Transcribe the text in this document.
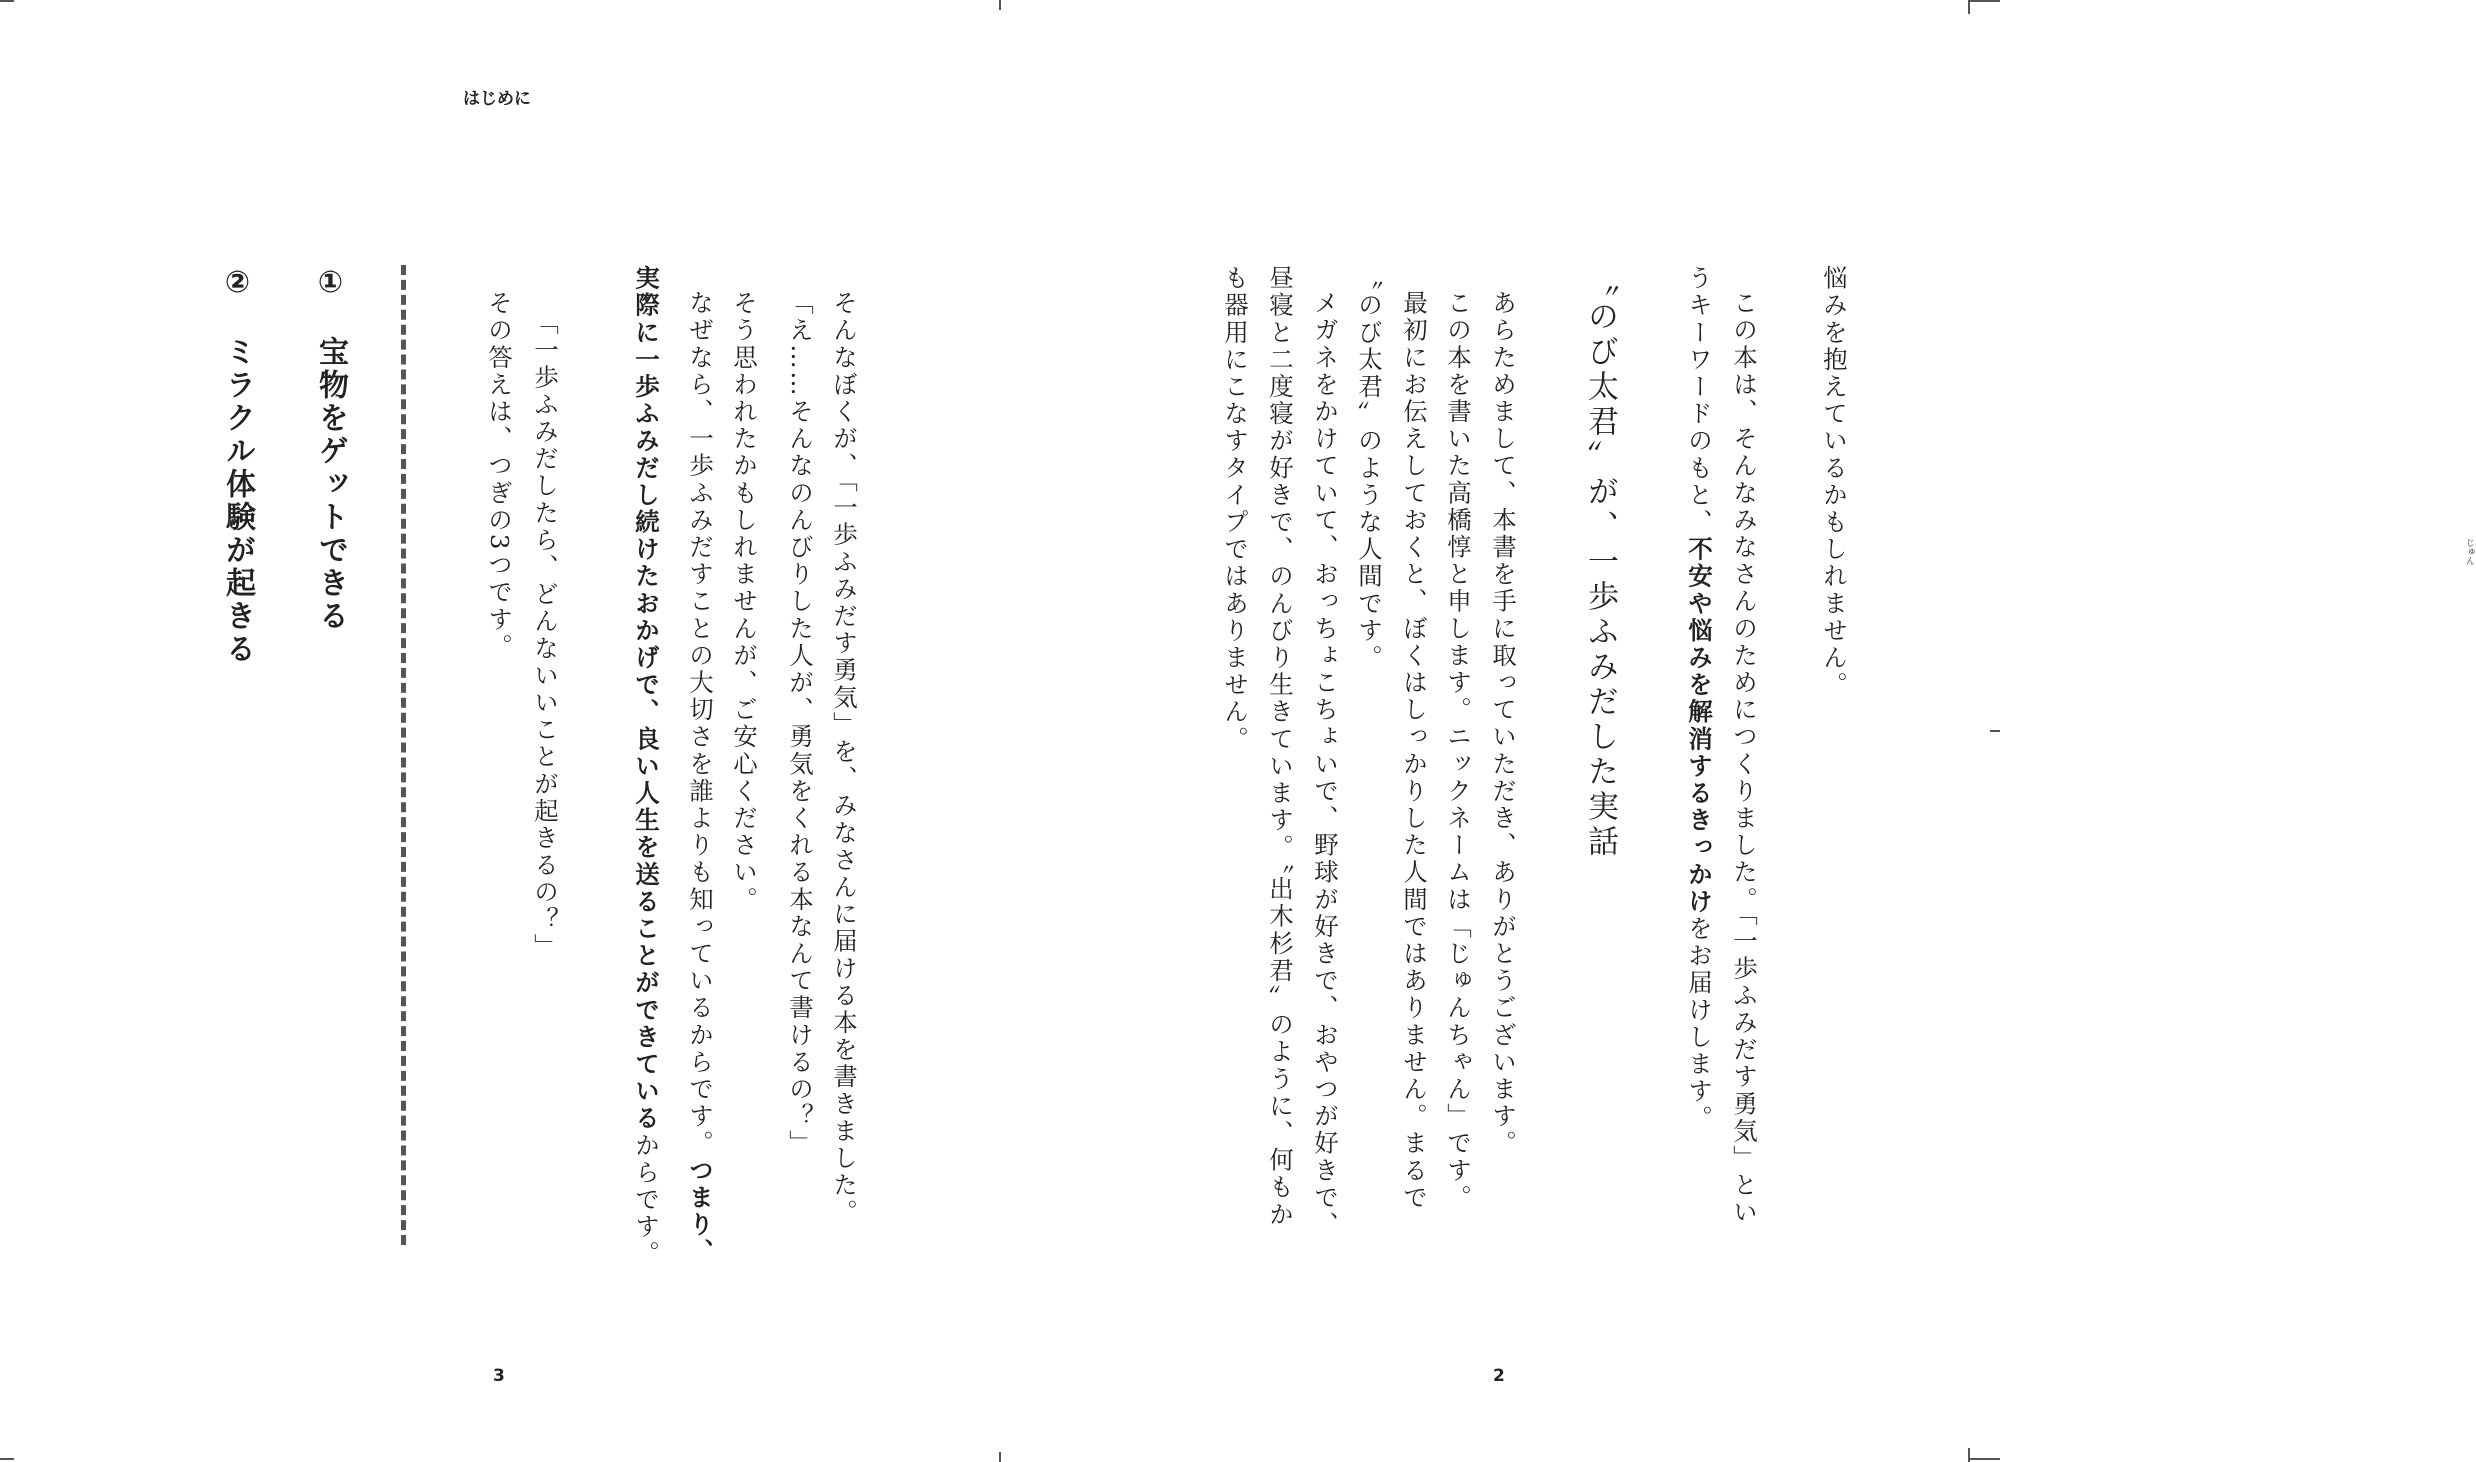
はじめに
そんなぼくが、「一歩ふみだす勇気」を、みなさんに届ける本を書きました。
「え……そんなのんびりした人が、勇気をくれる本なんて書けるの？」
そう思われたかもしれませんが、ご安心ください。
なぜなら、一歩ふみだすことの大切さを誰よりも知っているからです。つまり、
実際に一歩ふみだし続けたおかげで、良い人生を送ることができているからです。
「一歩ふみだしたら、どんないいことが起きるの？」
その答えは、つぎの3つです。
①　宝物をゲットできる
②　ミラクル体験が起きる
3
悩みを抱えているかもしれません。
この本は、そんなみなさんのためにつくりました。「一歩ふみだす勇気」とい
うキーワードのもと、不安や悩みを解消するきっかけをお届けします。
〝のび太君〟が、一歩ふみだした実話
あらためまして、本書を手に取っていただき、ありがとうございます。
この本を書いた高橋惇と申します。ニックネームは「じゅんちゃん」です。	じゅん
最初にお伝えしておくと、ぼくはしっかりした人間ではありません。まるで
〝のび太君〟のような人間です。
メガネをかけていて、おっちょこちょいで、野球が好きで、おやつが好きで、
昼寝と二度寝が好きで、のんびり生きています。〝出木杉君〟のように、何もか
も器用にこなすタイプではありません。
2
